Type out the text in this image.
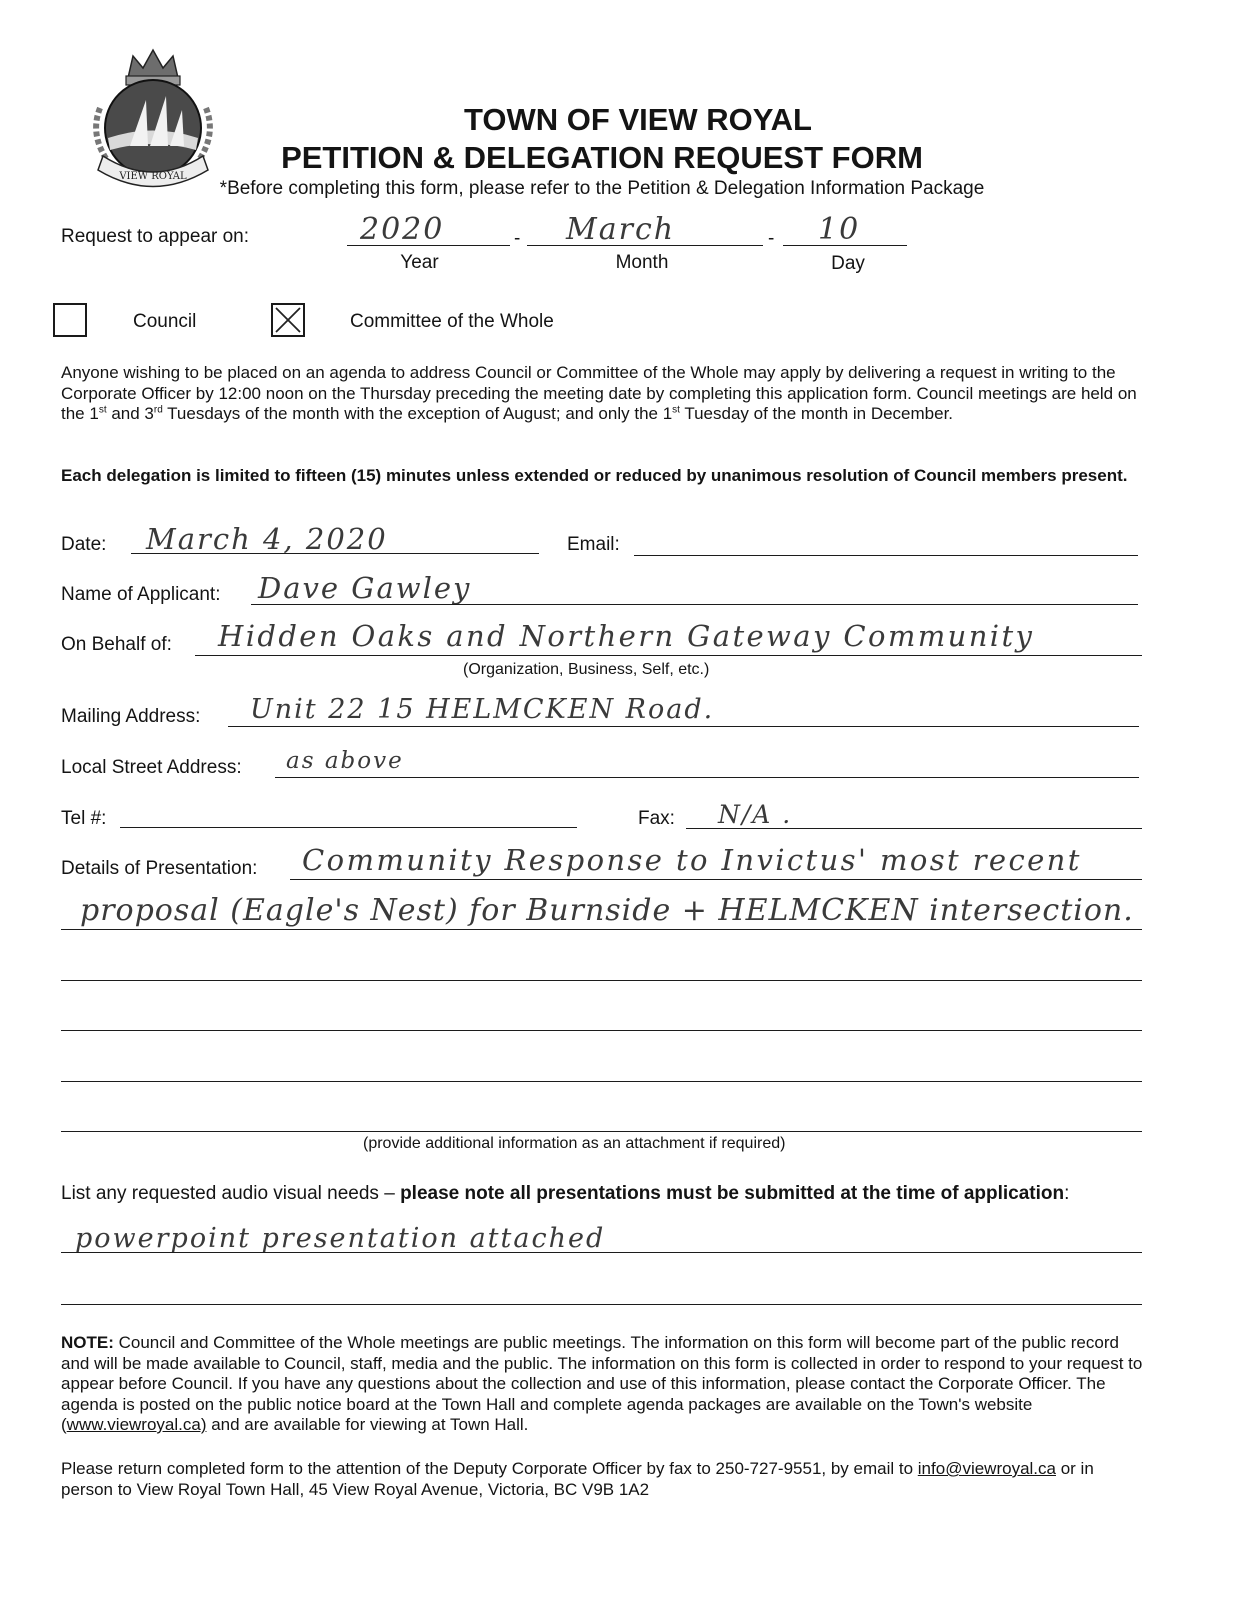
VIEW ROYAL
TOWN OF VIEW ROYAL
PETITION & DELEGATION REQUEST FORM
*Before completing this form, please refer to the Petition & Delegation Information Package
Request to appear on:	2020	- March	- 10
Year	Month	Day
Council	Committee of the Whole
Anyone wishing to be placed on an agenda to address Council or Committee of the Whole may apply by delivering a request in writing to the Corporate Officer by 12:00 noon on the Thursday preceding the meeting date by completing this application form. Council meetings are held on the 1st and 3rd Tuesdays of the month with the exception of August; and only the 1st Tuesday of the month in December.
Each delegation is limited to fifteen (15) minutes unless extended or reduced by unanimous resolution of Council members present.
Date: March 4, 2020	Email:
Name of Applicant: Dave Gawley
On Behalf of: Hidden Oaks and Northern Gateway Community
(Organization, Business, Self, etc.)
Mailing Address: Unit 22 15 HELMCKEN Road.
Local Street Address: as above
Tel #:	Fax: N/A .
Details of Presentation: Community Response to Invictus' most recent
proposal (Eagle's Nest) for Burnside + HELMCKEN intersection.
(provide additional information as an attachment if required)
List any requested audio visual needs – please note all presentations must be submitted at the time of application:
powerpoint presentation attached
NOTE: Council and Committee of the Whole meetings are public meetings. The information on this form will become part of the public record and will be made available to Council, staff, media and the public. The information on this form is collected in order to respond to your request to appear before Council. If you have any questions about the collection and use of this information, please contact the Corporate Officer. The agenda is posted on the public notice board at the Town Hall and complete agenda packages are available on the Town's website (www.viewroyal.ca) and are available for viewing at Town Hall.
Please return completed form to the attention of the Deputy Corporate Officer by fax to 250-727-9551, by email to info@viewroyal.ca or in person to View Royal Town Hall, 45 View Royal Avenue, Victoria, BC V9B 1A2
